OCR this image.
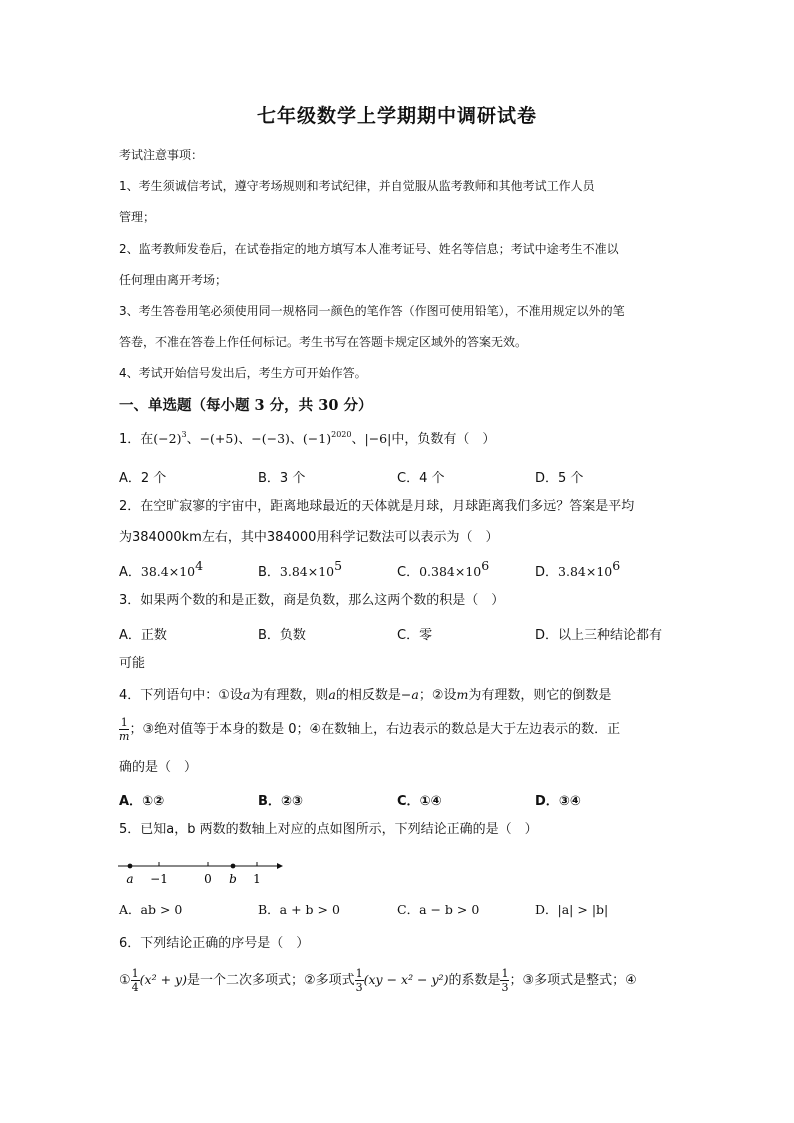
七年级数学上学期期中调研试卷
考试注意事项：
1、考生须诚信考试，遵守考场规则和考试纪律，并自觉服从监考教师和其他考试工作人员
管理；
2、监考教师发卷后，在试卷指定的地方填写本人准考证号、姓名等信息；考试中途考生不准以
任何理由离开考场；
3、考生答卷用笔必须使用同一规格同一颜色的笔作答（作图可使用铅笔），不准用规定以外的笔
答卷，不准在答卷上作任何标记。考生书写在答题卡规定区域外的答案无效。
4、考试开始信号发出后，考生方可开始作答。
一、单选题（每小题 3 分，共 30 分）
1．在$(-2)^3$、−(+5)、−(−3)、$(-1)^{2020}$、|−6|中，负数有（　）
A．2 个	B．3 个	C．4 个	D．5 个
2．在空旷寂寥的宇宙中，距离地球最近的天体就是月球，月球距离我们多远？答案是平均
为384000km左右，其中384000用科学记数法可以表示为（　）
A．$38.4\times 10^4$	B．$3.84\times 10^5$	C．$0.384\times 10^6$	D．$3.84\times 10^6$
3．如果两个数的和是正数，商是负数，那么这两个数的积是（　）
A．正数	B．负数	C．零	D．以上三种结论都有
可能
4．下列语句中：①设a为有理数，则a的相反数是−a；②设m为有理数，则它的倒数是
$\frac{1}{m}$ ；③绝对值等于本身的数是 0；④在数轴上，右边表示的数总是大于左边表示的数．正
确的是（　）
A．①②	B．②③	C．①④	D．③④
5．已知a，b 两数的数轴上对应的点如图所示，下列结论正确的是（　）
a −1	0 b 1
A．ab > 0	B．a + b > 0	C．a − b > 0	D．|a| > |b|
6．下列结论正确的序号是（　）
① $\frac{1}{4} (x^2 + y)$是一个二次多项式；②多项式 $\frac{1}{3} (xy - x^2 - y^2)$的系数是 $\frac{1}{3}$ ；③多项式是整式；④
